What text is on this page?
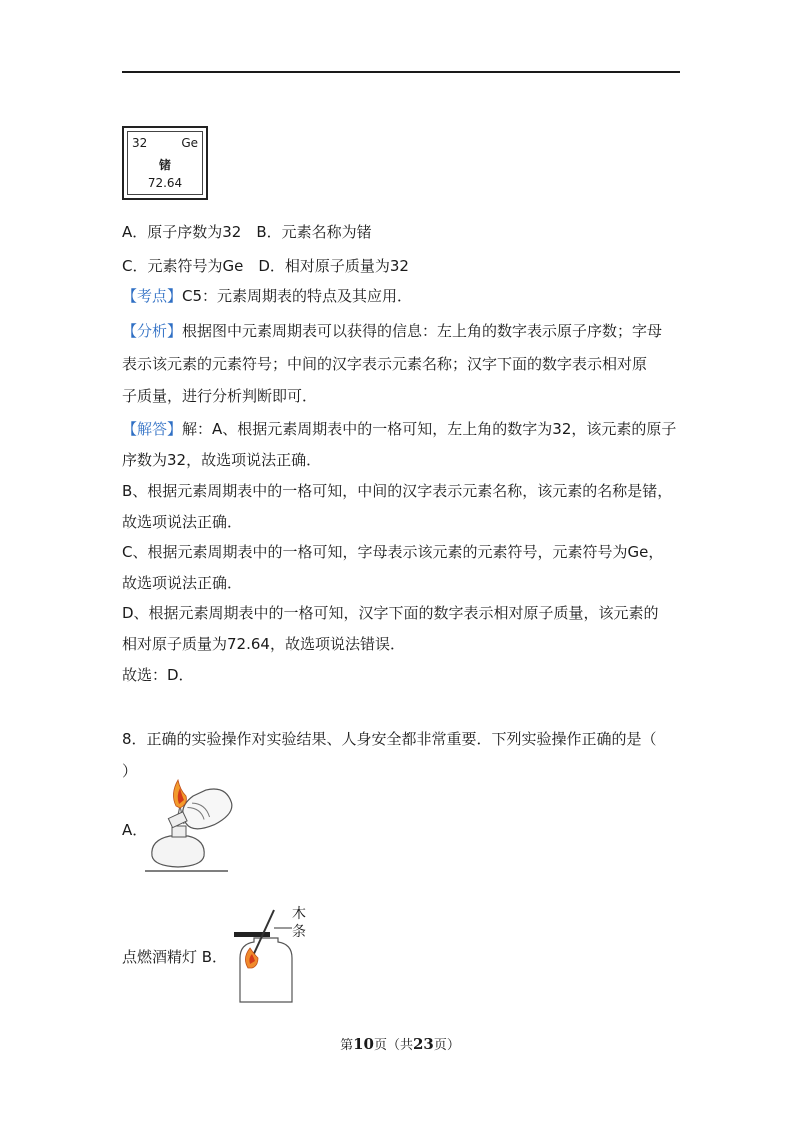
32	Ge
锗
72.64
A．原子序数为32　B．元素名称为锗
C．元素符号为Ge　D．相对原子质量为32
【考点】C5：元素周期表的特点及其应用．
【分析】根据图中元素周期表可以获得的信息：左上角的数字表示原子序数；字母
表示该元素的元素符号；中间的汉字表示元素名称；汉字下面的数字表示相对原
子质量，进行分析判断即可．
【解答】解：A、根据元素周期表中的一格可知，左上角的数字为32，该元素的原子
序数为32，故选项说法正确．
B、根据元素周期表中的一格可知，中间的汉字表示元素名称，该元素的名称是锗，
故选项说法正确．
C、根据元素周期表中的一格可知，字母表示该元素的元素符号，元素符号为Ge，
故选项说法正确．
D、根据元素周期表中的一格可知，汉字下面的数字表示相对原子质量，该元素的
相对原子质量为72.64，故选项说法错误．
故选：D．
8．正确的实验操作对实验结果、人身安全都非常重要．下列实验操作正确的是（
）
A．
点燃酒精灯 B．
木
条
第10页（共23页）
